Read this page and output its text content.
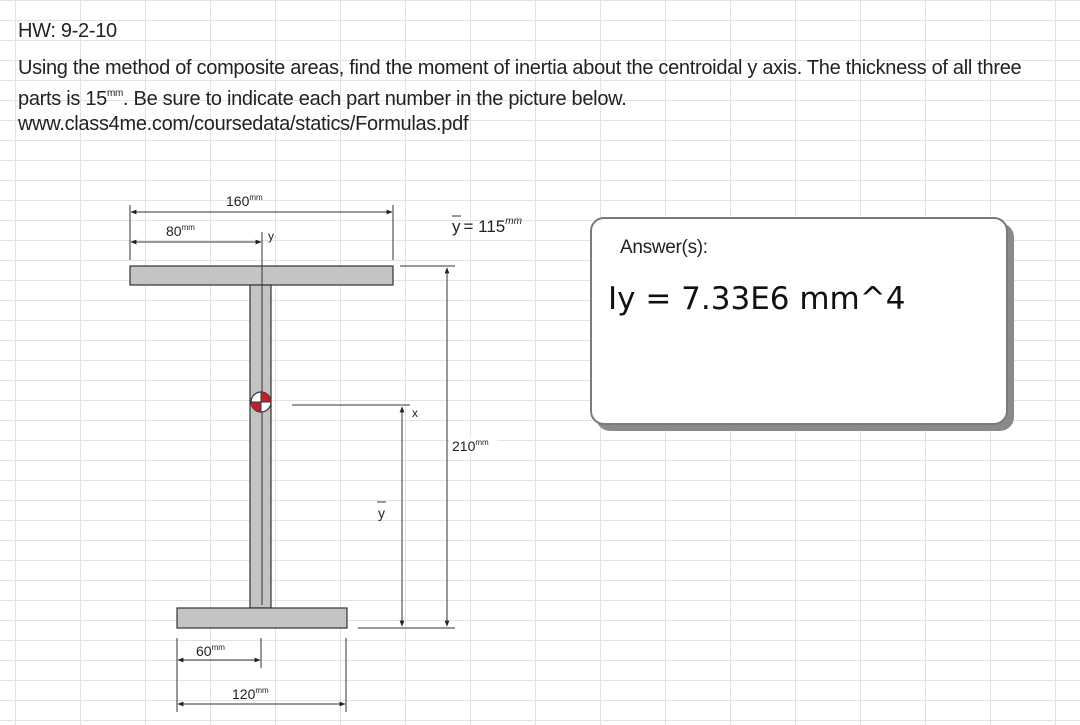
HW: 9-2-10
Using the method of composite areas, find the moment of inertia about the centroidal y axis. The thickness of all three parts is $15^{mm}$. Be sure to indicate each part number in the picture below. www.class4me.com/coursedata/statics/Formulas.pdf
y
x
$160^{mm}$
$80^{mm}$
$210^{mm}$
y
$y = 115^{mm}$
$60^{mm}$
$120^{mm}$
Answer(s):
Iy = 7.33E6 mm^4
